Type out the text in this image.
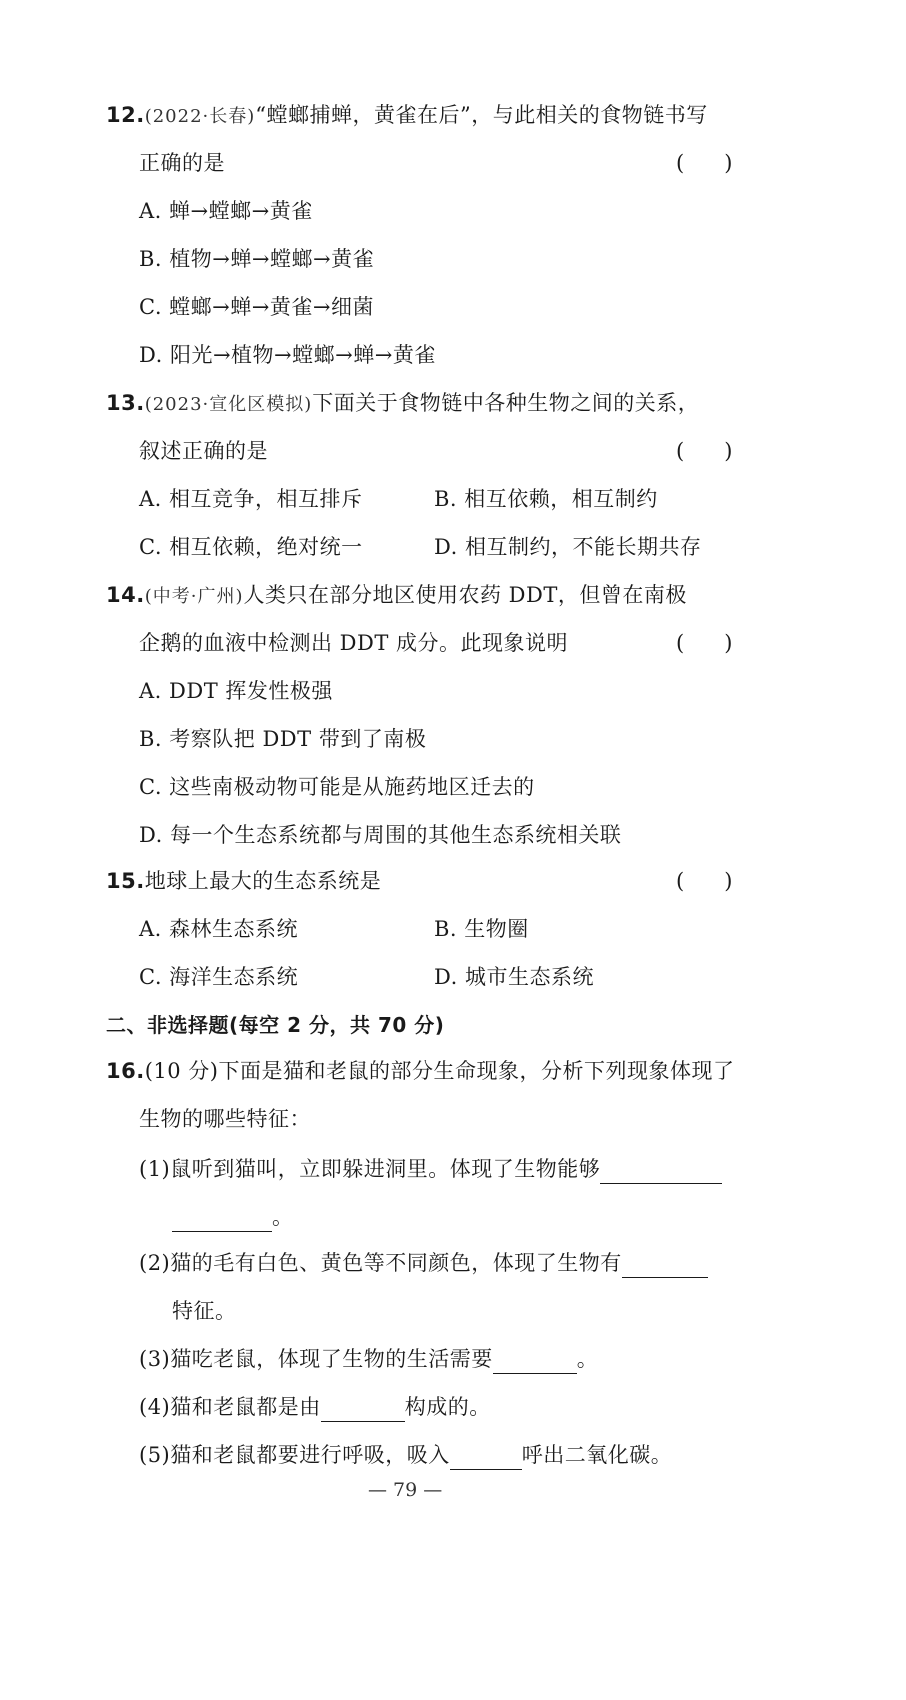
12.(2022·长春)“螳螂捕蝉，黄雀在后”，与此相关的食物链书写
正确的是	(      )
A. 蝉→螳螂→黄雀
B. 植物→蝉→螳螂→黄雀
C. 螳螂→蝉→黄雀→细菌
D. 阳光→植物→螳螂→蝉→黄雀
13.(2023·宣化区模拟)下面关于食物链中各种生物之间的关系，
叙述正确的是	(      )
A. 相互竞争，相互排斥	B. 相互依赖，相互制约
C. 相互依赖，绝对统一	D. 相互制约，不能长期共存
14.(中考·广州)人类只在部分地区使用农药 DDT，但曾在南极
企鹅的血液中检测出 DDT 成分。此现象说明	(      )
A. DDT 挥发性极强
B. 考察队把 DDT 带到了南极
C. 这些南极动物可能是从施药地区迁去的
D. 每一个生态系统都与周围的其他生态系统相关联
15.地球上最大的生态系统是	(      )
A. 森林生态系统	B. 生物圈
C. 海洋生态系统	D. 城市生态系统
二、非选择题(每空 2 分，共 70 分)
16.(10 分)下面是猫和老鼠的部分生命现象，分析下列现象体现了
生物的哪些特征：
(1)鼠听到猫叫，立即躲进洞里。体现了生物能够
。
(2)猫的毛有白色、黄色等不同颜色，体现了生物有
特征。
(3)猫吃老鼠，体现了生物的生活需要	。
(4)猫和老鼠都是由	构成的。
(5)猫和老鼠都要进行呼吸，吸入	呼出二氧化碳。
— 79 —
